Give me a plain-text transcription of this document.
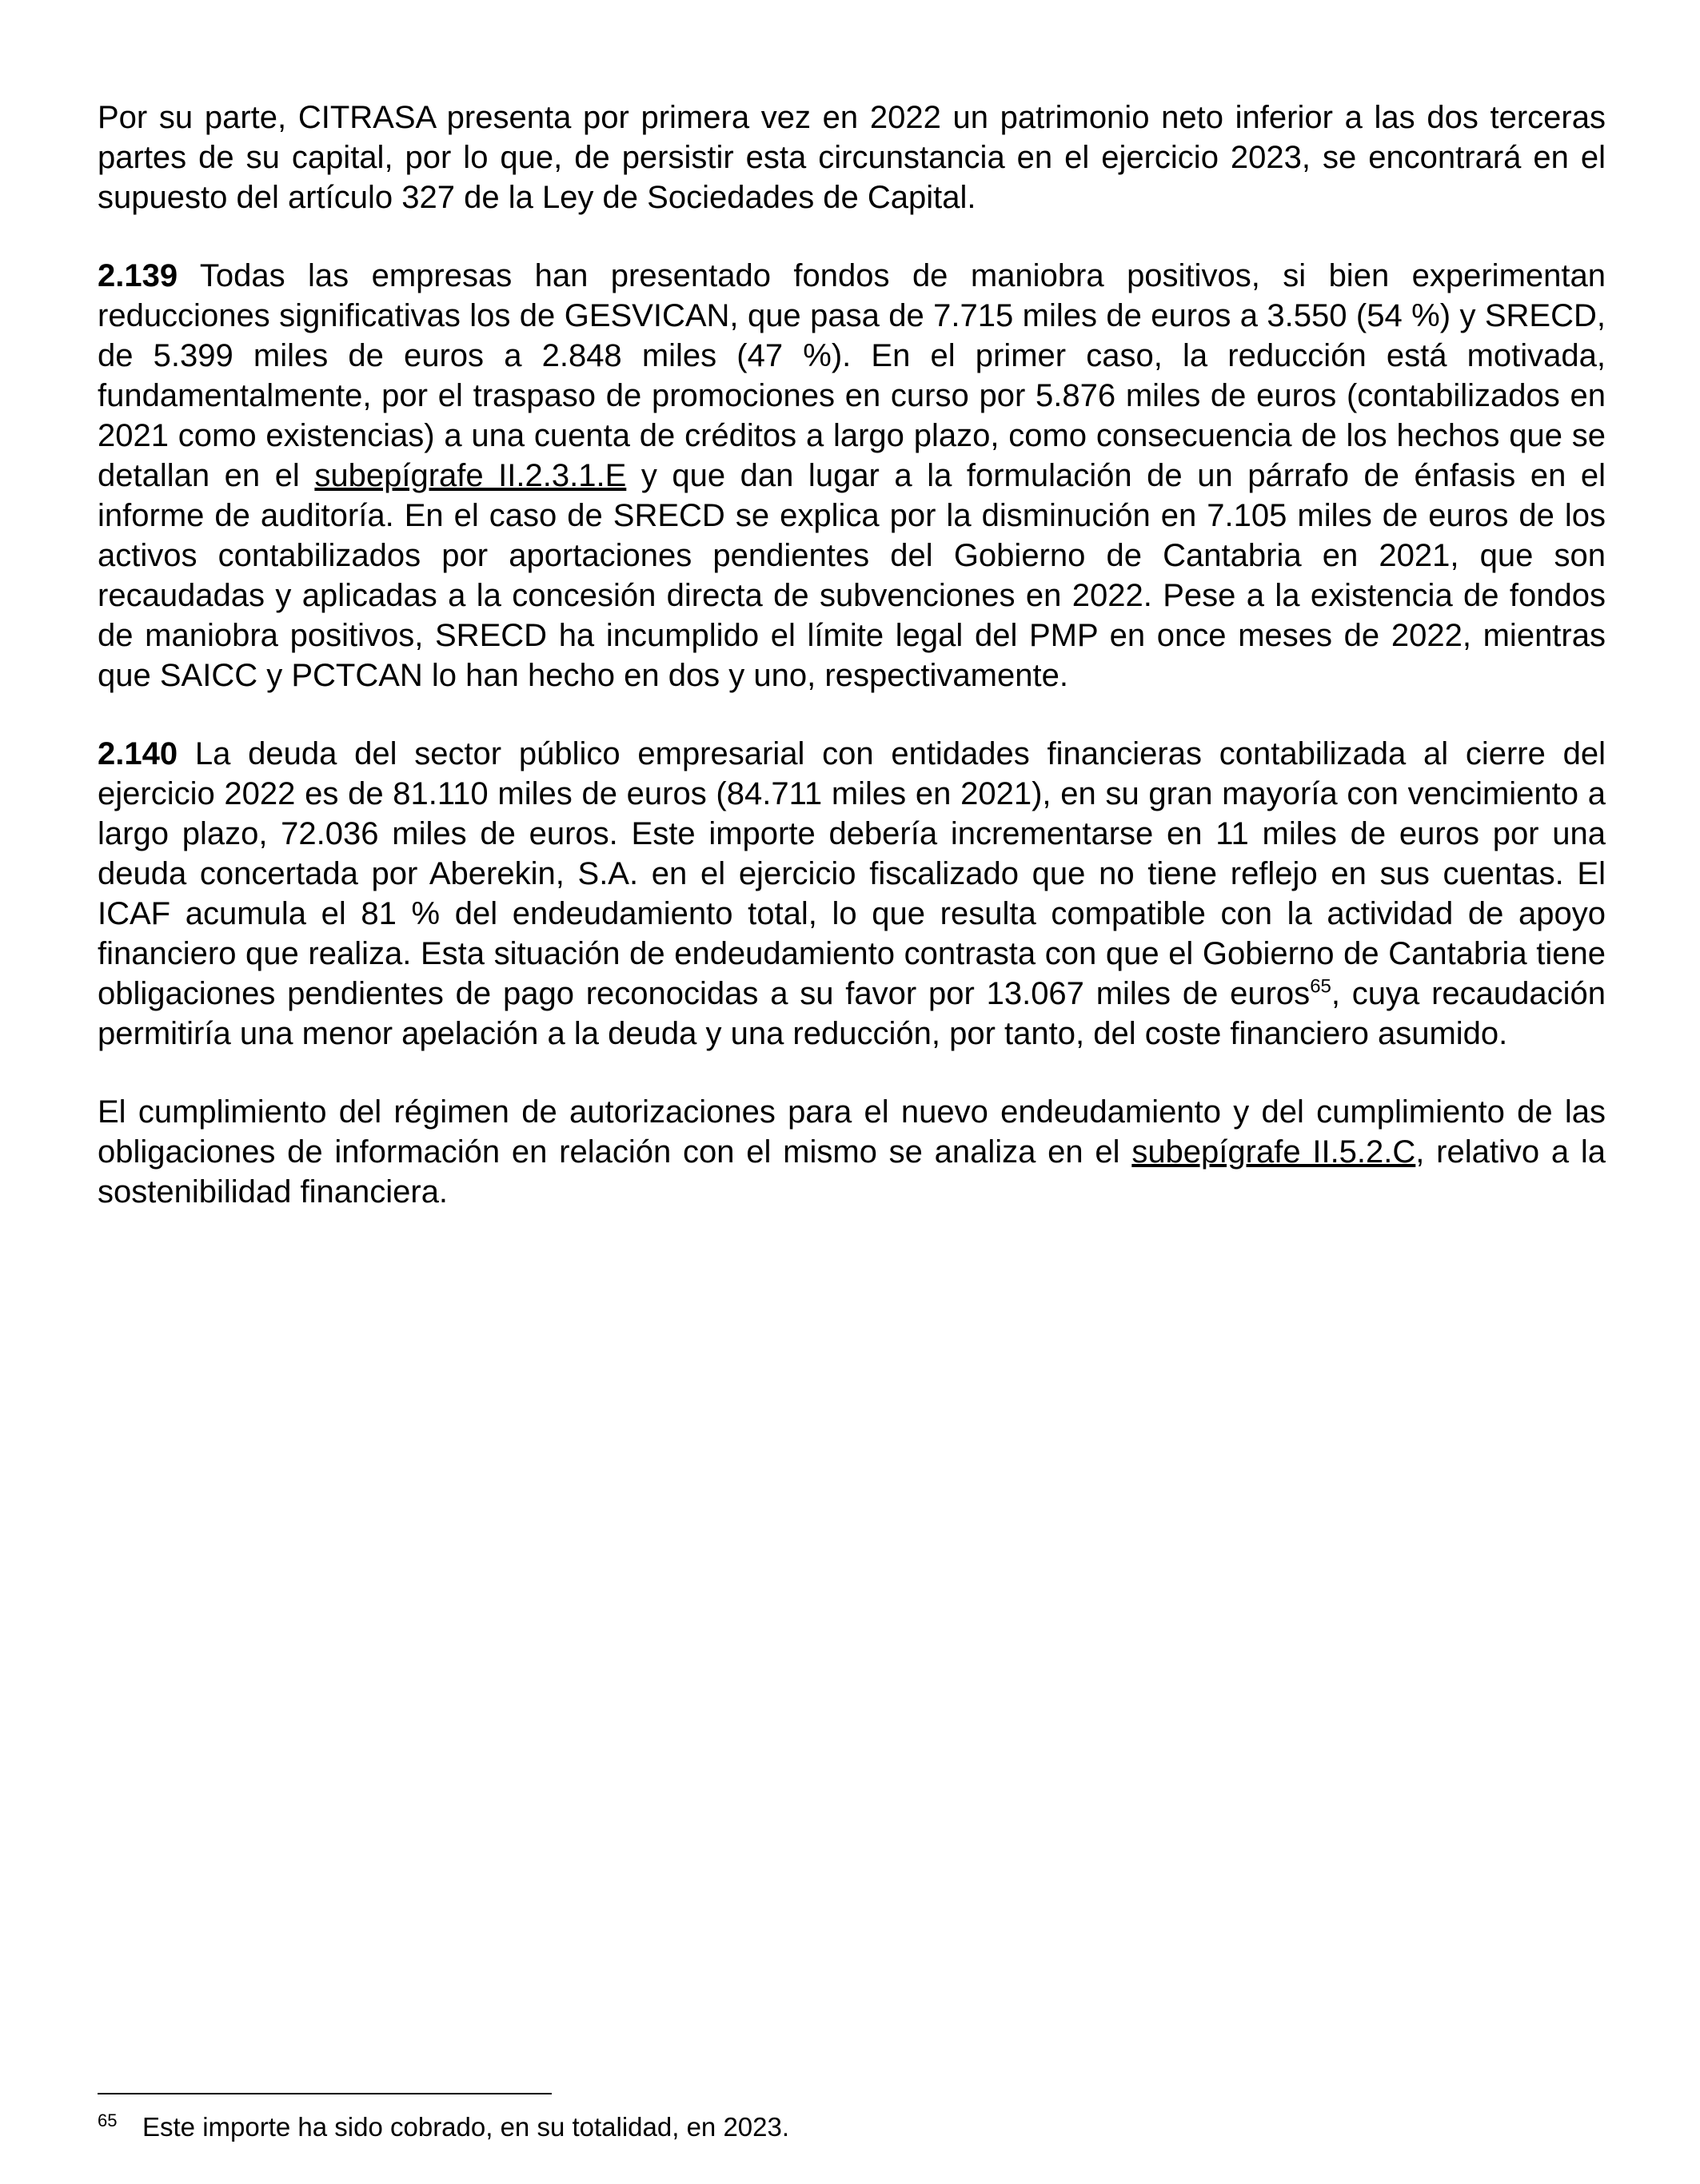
Por su parte, CITRASA presenta por primera vez en 2022 un patrimonio neto inferior a las dos terceras partes de su capital, por lo que, de persistir esta circunstancia en el ejercicio 2023, se encontrará en el supuesto del artículo 327 de la Ley de Sociedades de Capital.

2.139 Todas las empresas han presentado fondos de maniobra positivos, si bien experimentan reducciones significativas los de GESVICAN, que pasa de 7.715 miles de euros a 3.550 (54 %) y SRECD, de 5.399 miles de euros a 2.848 miles (47 %). En el primer caso, la reducción está motivada, fundamentalmente, por el traspaso de promociones en curso por 5.876 miles de euros (contabilizados en 2021 como existencias) a una cuenta de créditos a largo plazo, como consecuencia de los hechos que se detallan en el subepígrafe II.2.3.1.E y que dan lugar a la formulación de un párrafo de énfasis en el informe de auditoría. En el caso de SRECD se explica por la disminución en 7.105 miles de euros de los activos contabilizados por aportaciones pendientes del Gobierno de Cantabria en 2021, que son recaudadas y aplicadas a la concesión directa de subvenciones en 2022. Pese a la existencia de fondos de maniobra positivos, SRECD ha incumplido el límite legal del PMP en once meses de 2022, mientras que SAICC y PCTCAN lo han hecho en dos y uno, respectivamente.

2.140 La deuda del sector público empresarial con entidades financieras contabilizada al cierre del ejercicio 2022 es de 81.110 miles de euros (84.711 miles en 2021), en su gran mayoría con vencimiento a largo plazo, 72.036 miles de euros. Este importe debería incrementarse en 11 miles de euros por una deuda concertada por Aberekin, S.A. en el ejercicio fiscalizado que no tiene reflejo en sus cuentas. El ICAF acumula el 81 % del endeudamiento total, lo que resulta compatible con la actividad de apoyo financiero que realiza. Esta situación de endeudamiento contrasta con que el Gobierno de Cantabria tiene obligaciones pendientes de pago reconocidas a su favor por 13.067 miles de euros$^{65}$, cuya recaudación permitiría una menor apelación a la deuda y una reducción, por tanto, del coste financiero asumido.

El cumplimiento del régimen de autorizaciones para el nuevo endeudamiento y del cumplimiento de las obligaciones de información en relación con el mismo se analiza en el subepígrafe II.5.2.C, relativo a la sostenibilidad financiera.

65 Este importe ha sido cobrado, en su totalidad, en 2023.
